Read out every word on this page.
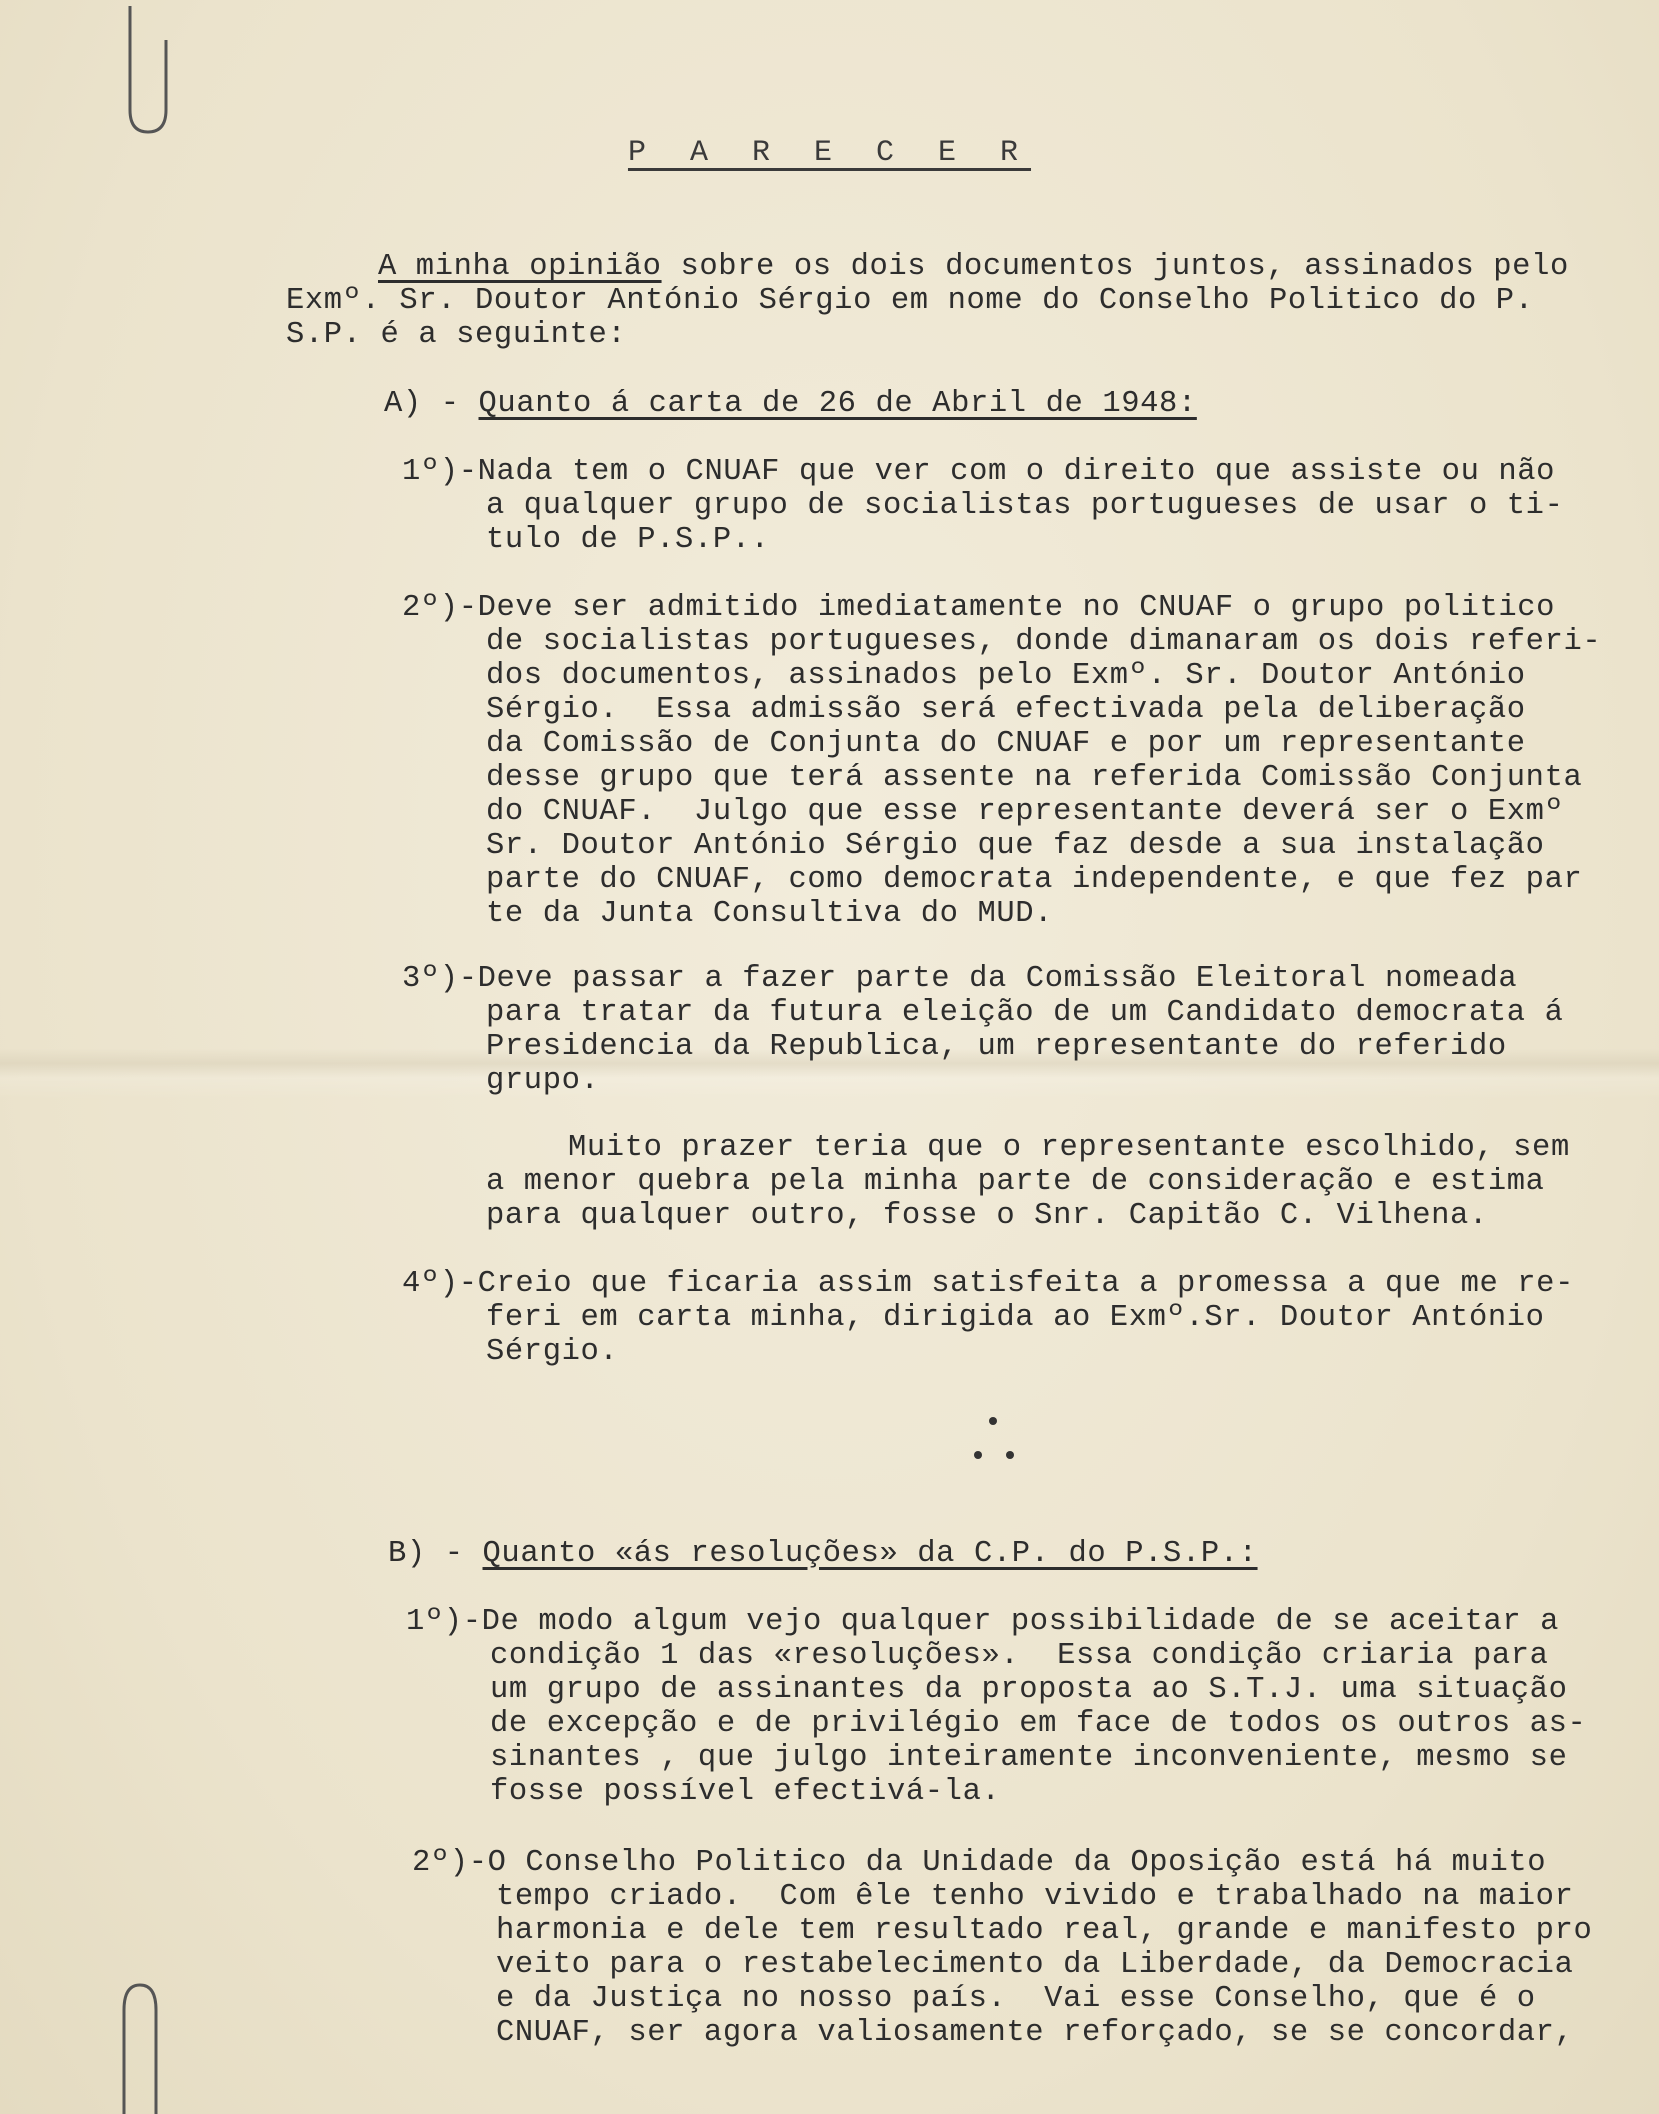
P A R E C E R
A minha opinião sobre os dois documentos juntos, assinados pelo
Exmº. Sr. Doutor António Sérgio em nome do Conselho Politico do P.
S.P. é a seguinte:
A) - Quanto á carta de 26 de Abril de 1948:
1º)-Nada tem o CNUAF que ver com o direito que assiste ou não
a qualquer grupo de socialistas portugueses de usar o ti-
tulo de P.S.P..
2º)-Deve ser admitido imediatamente no CNUAF o grupo politico
de socialistas portugueses, donde dimanaram os dois referi-
dos documentos, assinados pelo Exmº. Sr. Doutor António
Sérgio.  Essa admissão será efectivada pela deliberação
da Comissão de Conjunta do CNUAF e por um representante
desse grupo que terá assente na referida Comissão Conjunta
do CNUAF.  Julgo que esse representante deverá ser o Exmº
Sr. Doutor António Sérgio que faz desde a sua instalação
parte do CNUAF, como democrata independente, e que fez par
te da Junta Consultiva do MUD.
3º)-Deve passar a fazer parte da Comissão Eleitoral nomeada
para tratar da futura eleição de um Candidato democrata á
Presidencia da Republica, um representante do referido
grupo.
Muito prazer teria que o representante escolhido, sem
a menor quebra pela minha parte de consideração e estima
para qualquer outro, fosse o Snr. Capitão C. Vilhena.
4º)-Creio que ficaria assim satisfeita a promessa a que me re-
feri em carta minha, dirigida ao Exmº.Sr. Doutor António
Sérgio.
B) - Quanto «ás resoluções» da C.P. do P.S.P.:
1º)-De modo algum vejo qualquer possibilidade de se aceitar a
condição 1 das «resoluções».  Essa condição criaria para
um grupo de assinantes da proposta ao S.T.J. uma situação
de excepção e de privilégio em face de todos os outros as-
sinantes , que julgo inteiramente inconveniente, mesmo se
fosse possível efectivá-la.
2º)-O Conselho Politico da Unidade da Oposição está há muito
tempo criado.  Com êle tenho vivido e trabalhado na maior
harmonia e dele tem resultado real, grande e manifesto pro
veito para o restabelecimento da Liberdade, da Democracia
e da Justiça no nosso país.  Vai esse Conselho, que é o
CNUAF, ser agora valiosamente reforçado, se se concordar,
